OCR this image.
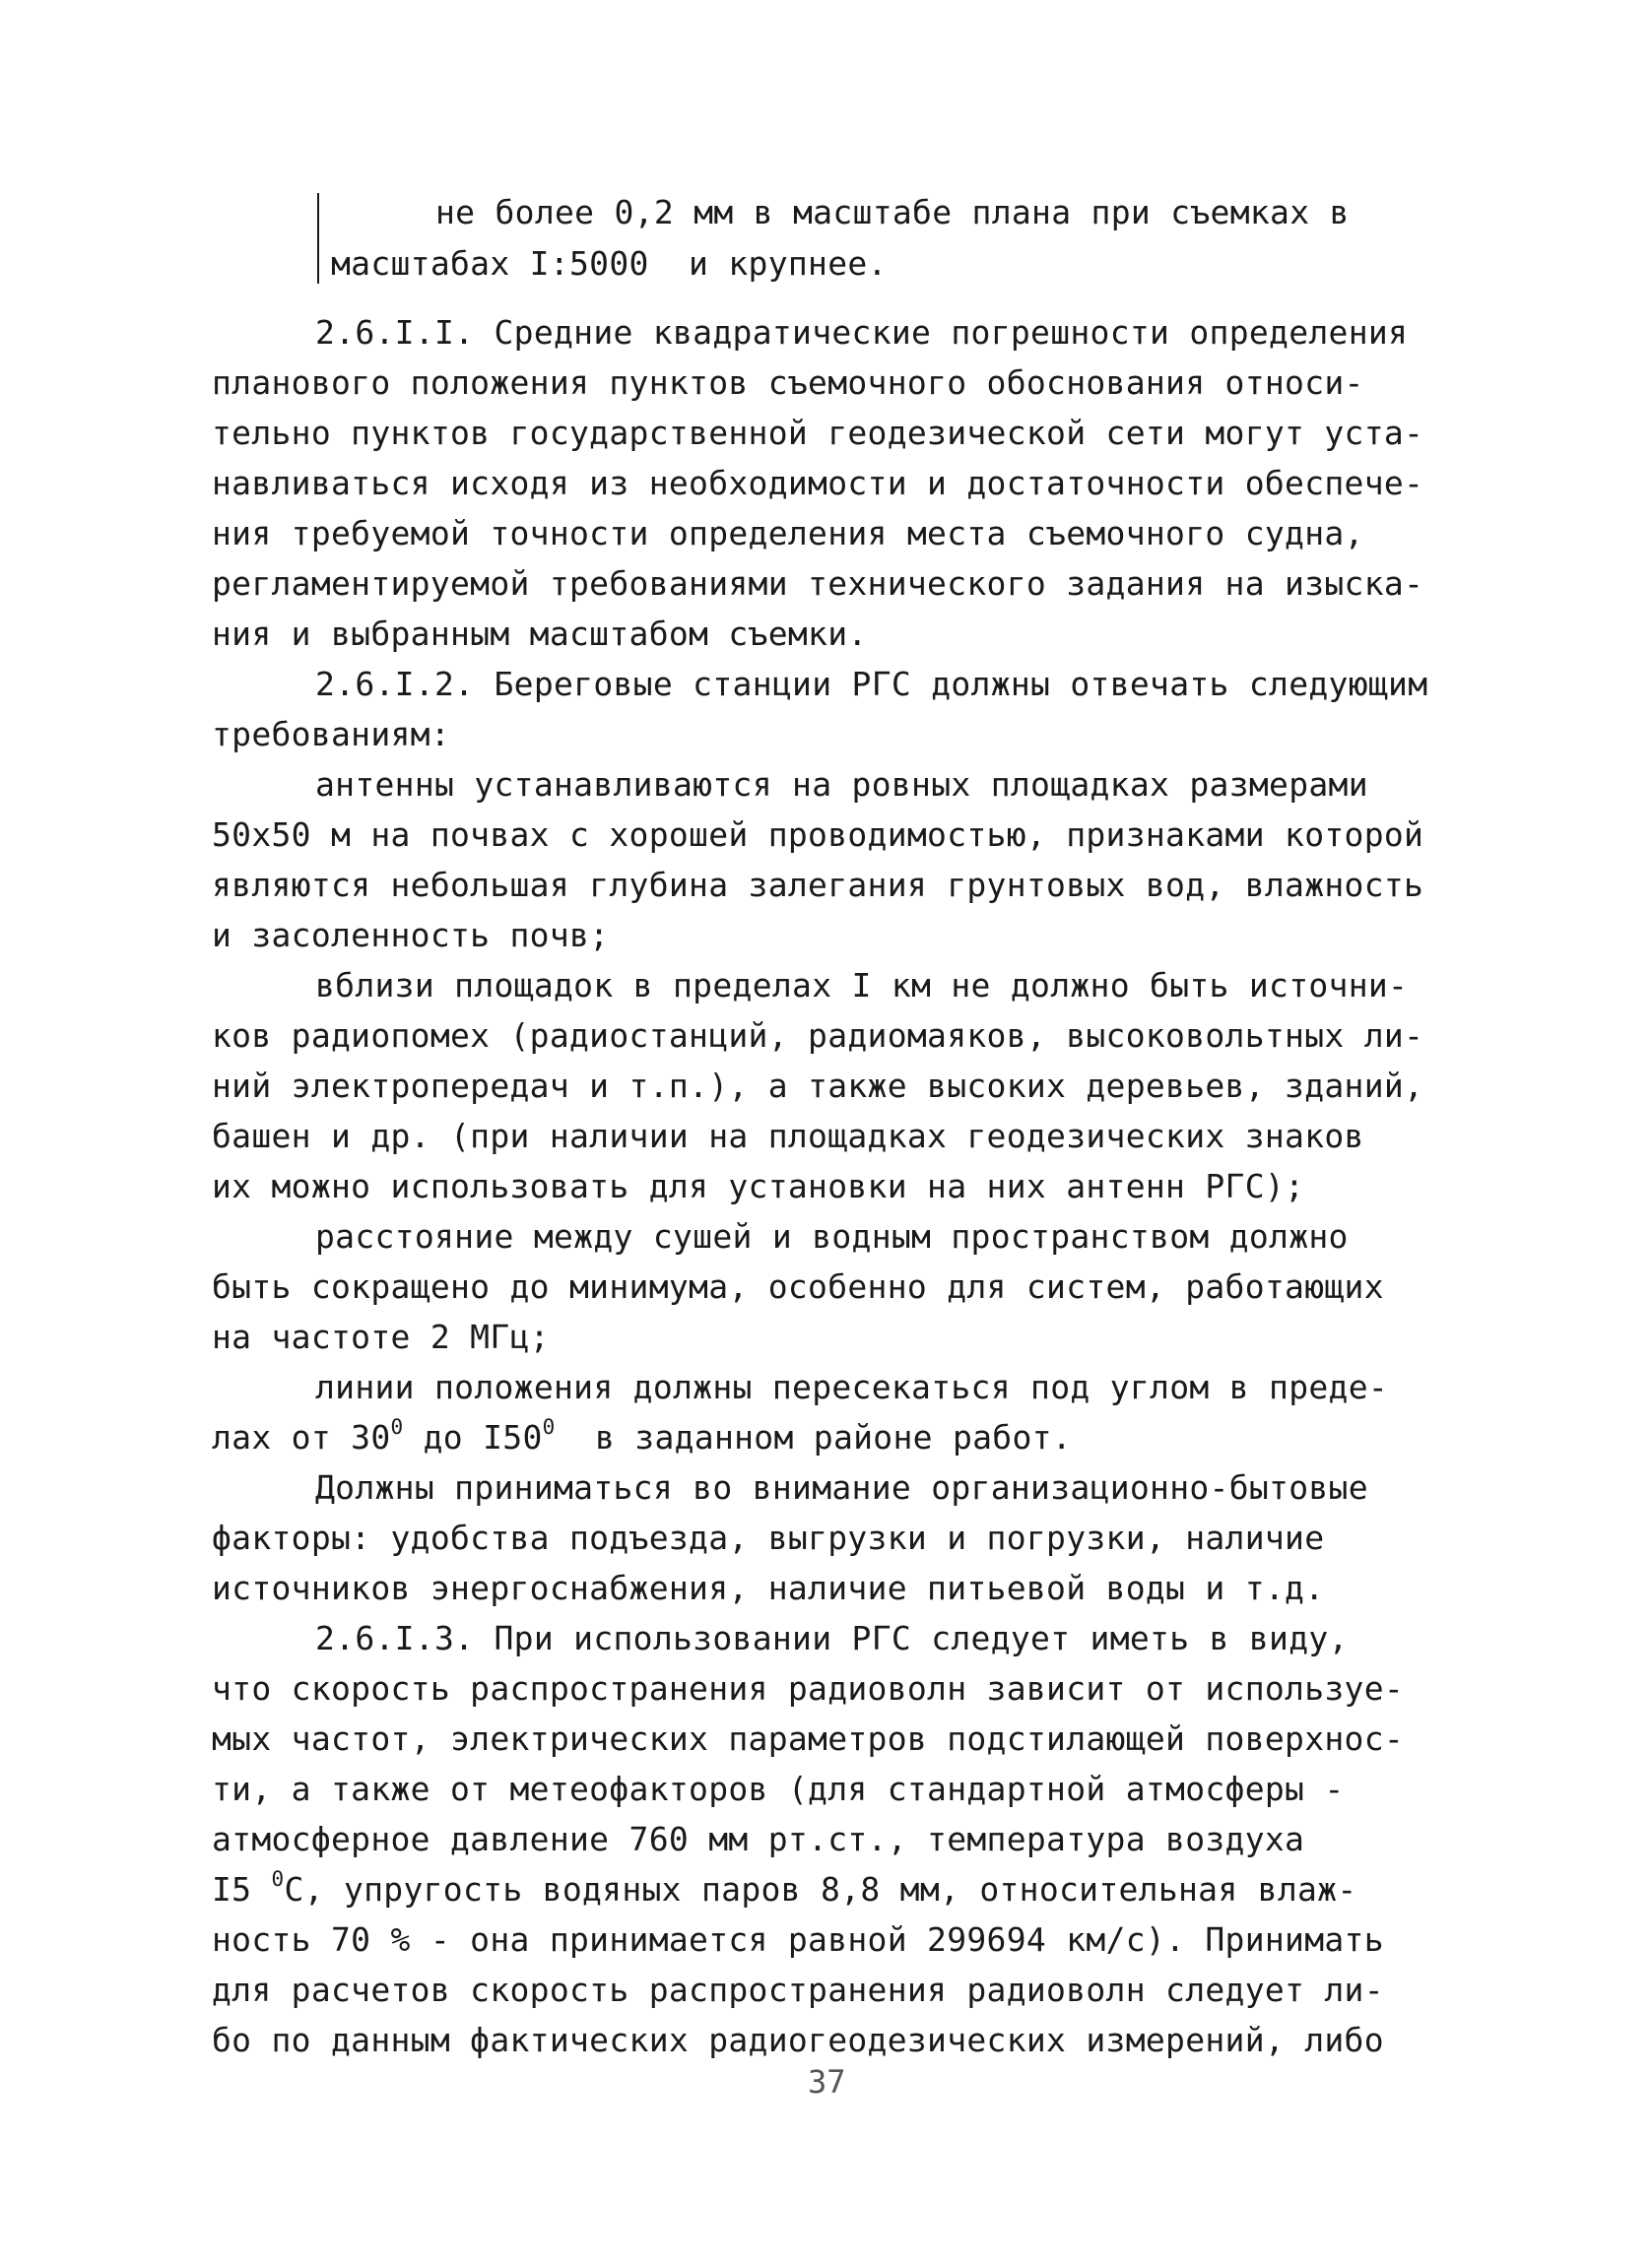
не более 0,2 мм в масштабе плана при съемках в
масштабах I:5000  и крупнее.
2.6.I.I. Средние квадратические погрешности определения
планового положения пунктов съемочного обоснования относи-
тельно пунктов государственной геодезической сети могут уста-
навливаться исходя из необходимости и достаточности обеспече-
ния требуемой точности определения места съемочного судна,
регламентируемой требованиями технического задания на изыска-
ния и выбранным масштабом съемки.
2.6.I.2. Береговые станции РГС должны отвечать следующим
требованиям:
антенны устанавливаются на ровных площадках размерами
50х50 м на почвах с хорошей проводимостью, признаками которой
являются небольшая глубина залегания грунтовых вод, влажность
и засоленность почв;
вблизи площадок в пределах I км не должно быть источни-
ков радиопомех (радиостанций, радиомаяков, высоковольтных ли-
ний электропередач и т.п.), а также высоких деревьев, зданий,
башен и др. (при наличии на площадках геодезических знаков
их можно использовать для установки на них антенн РГС);
расстояние между сушей и водным пространством должно
быть сокращено до минимума, особенно для систем, работающих
на частоте 2 МГц;
линии положения должны пересекаться под углом в преде-
лах от $30^0$ до $I50^0$  в заданном районе работ.
Должны приниматься во внимание организационно-бытовые
факторы: удобства подъезда, выгрузки и погрузки, наличие
источников энергоснабжения, наличие питьевой воды и т.д.
2.6.I.3. При использовании РГС следует иметь в виду,
что скорость распространения радиоволн зависит от используе-
мых частот, электрических параметров подстилающей поверхнос-
ти, а также от метеофакторов (для стандартной атмосферы -
атмосферное давление 760 мм рт.ст., температура воздуха
I5 $^0$С, упругость водяных паров 8,8 мм, относительная влаж-
ность 70 % - она принимается равной 299694 км/с). Принимать
для расчетов скорость распространения радиоволн следует ли-
бо по данным фактических радиогеодезических измерений, либо
37
